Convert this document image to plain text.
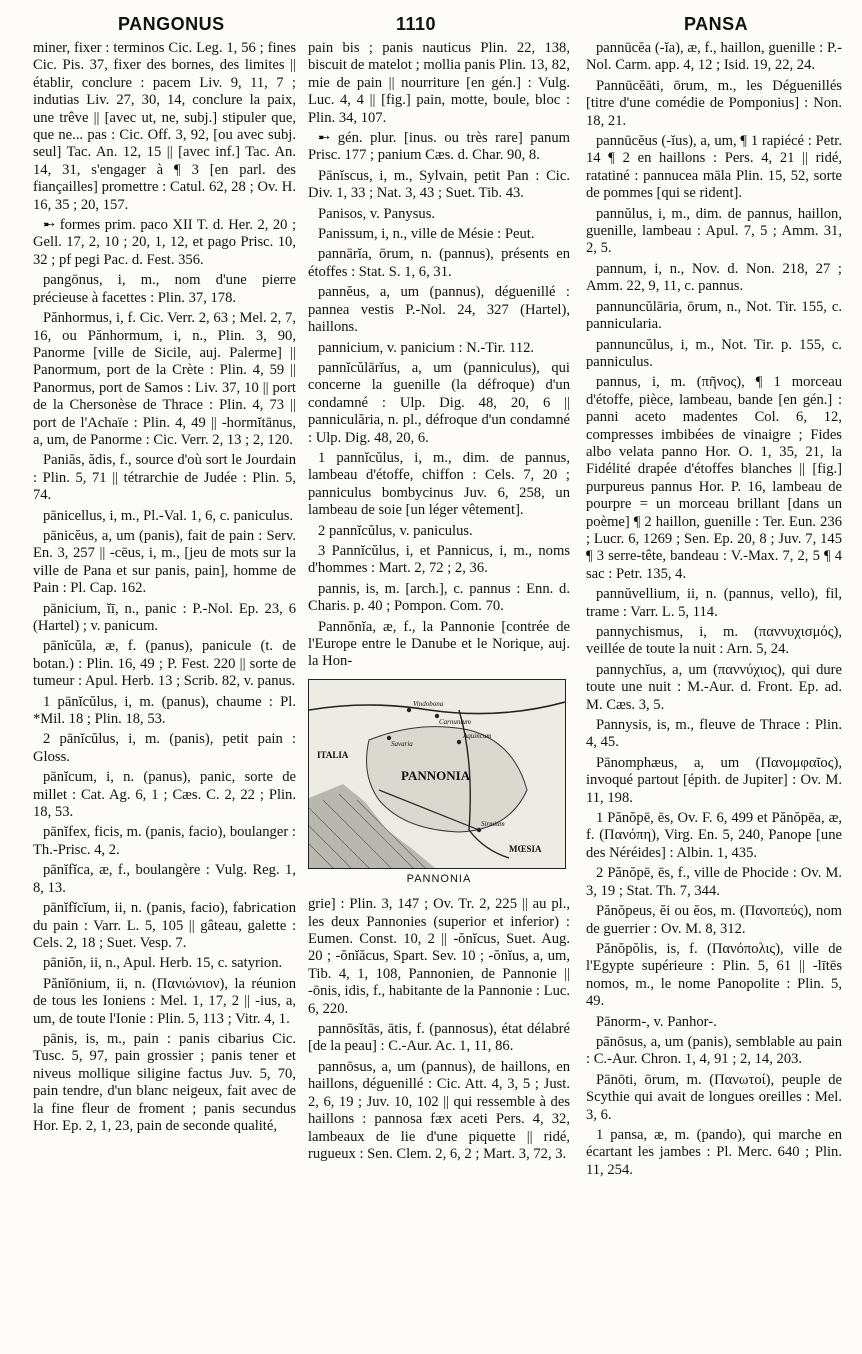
PANGONUS	1110	PANSA

miner, fixer : terminos Cic. Leg. 1, 56 ; fines Cic. Pis. 37, fixer des bornes, des limites || établir, conclure : pacem Liv. 9, 11, 7 ; indutias Liv. 27, 30, 14, conclure la paix, une trêve || [avec ut, ne, subj.] stipuler que, que ne... pas : Cic. Off. 3, 92, [ou avec subj. seul] Tac. An. 12, 15 || [avec inf.] Tac. An. 14, 31, s'engager à ¶ 3 [en parl. des fiançailles] promettre : Catul. 62, 28 ; Ov. H. 16, 35 ; 20, 157.

➸ formes prim. paco XII T. d. Her. 2, 20 ; Gell. 17, 2, 10 ; 20, 1, 12, et pago Prisc. 10, 32 ; pf pegi Pac. d. Fest. 356.

pangōnus, i, m., nom d'une pierre précieuse à facettes : Plin. 37, 178.

Pănhormus, i, f. Cic. Verr. 2, 63 ; Mel. 2, 7, 16, ou Pănhormum, i, n., Plin. 3, 90, Panorme [ville de Sicile, auj. Palerme] || Panormum, port de la Crète : Plin. 4, 59 || Panormus, port de Samos : Liv. 37, 10 || port de la Chersonèse de Thrace : Plin. 4, 73 || port de l'Achaïe : Plin. 4, 49 || -hormĭtānus, a, um, de Panorme : Cic. Verr. 2, 13 ; 2, 120.

Paniăs, ădis, f., source d'où sort le Jourdain : Plin. 5, 71 || tétrarchie de Judée : Plin. 5, 74.

pānicellus, i, m., Pl.-Val. 1, 6, c. paniculus.

pānicĕus, a, um (panis), fait de pain : Serv. En. 3, 257 || -cēus, i, m., [jeu de mots sur la ville de Pana et sur panis, pain], homme de Pain : Pl. Cap. 162.

pānicium, ĭī, n., panic : P.-Nol. Ep. 23, 6 (Hartel) ; v. panicum.

pānĭcŭla, æ, f. (panus), panicule (t. de botan.) : Plin. 16, 49 ; P. Fest. 220 || sorte de tumeur : Apul. Herb. 13 ; Scrib. 82, v. panus.

1 pānĭcŭlus, i, m. (panus), chaume : Pl. *Mil. 18 ; Plin. 18, 53.

2 pānĭcŭlus, i, m. (panis), petit pain : Gloss.

pānĭcum, i, n. (panus), panic, sorte de millet : Cat. Ag. 6, 1 ; Cæs. C. 2, 22 ; Plin. 18, 53.

pānĭfex, ficis, m. (panis, facio), boulanger : Th.-Prisc. 4, 2.

pānĭfĭca, æ, f., boulangère : Vulg. Reg. 1, 8, 13.

pānĭfĭcĭum, ii, n. (panis, facio), fabrication du pain : Varr. L. 5, 105 || gâteau, galette : Cels. 2, 18 ; Suet. Vesp. 7.

pāniŏn, ii, n., Apul. Herb. 15, c. satyrion.

Pănĭōnium, ii, n. (Πανιώνιον), la réunion de tous les Ioniens : Mel. 1, 17, 2 || -ius, a, um, de toute l'Ionie : Plin. 5, 113 ; Vitr. 4, 1.

pānis, is, m., pain : panis cibarius Cic. Tusc. 5, 97, pain grossier ; panis tener et niveus mollique siligine factus Juv. 5, 70, pain tendre, d'un blanc neigeux, fait avec de la fine fleur de froment ; panis secundus Hor. Ep. 2, 1, 23, pain de seconde qualité,

pain bis ; panis nauticus Plin. 22, 138, biscuit de matelot ; mollia panis Plin. 13, 82, mie de pain || nourriture [en gén.] : Vulg. Luc. 4, 4 || [fig.] pain, motte, boule, bloc : Plin. 34, 107.

➸ gén. plur. [inus. ou très rare] panum Prisc. 177 ; panium Cæs. d. Char. 90, 8.

Pānĭscus, i, m., Sylvain, petit Pan : Cic. Div. 1, 33 ; Nat. 3, 43 ; Suet. Tib. 43.

Panisos, v. Panysus.

Panissum, i, n., ville de Mésie : Peut.

pannārĭa, ōrum, n. (pannus), présents en étoffes : Stat. S. 1, 6, 31.

pannĕus, a, um (pannus), déguenillé : pannea vestis P.-Nol. 24, 327 (Hartel), haillons.

pannicium, v. panicium : N.-Tir. 112.

pannĭcŭlārĭus, a, um (panniculus), qui concerne la guenille (la défroque) d'un condamné : Ulp. Dig. 48, 20, 6 || panniculăria, n. pl., défroque d'un condamné : Ulp. Dig. 48, 20, 6.

1 pannĭcŭlus, i, m., dim. de pannus, lambeau d'étoffe, chiffon : Cels. 7, 20 ; panniculus bombycinus Juv. 6, 258, un lambeau de soie [un léger vêtement].

2 pannĭcŭlus, v. paniculus.

3 Pannĭcŭlus, i, et Pannicus, i, m., noms d'hommes : Mart. 2, 72 ; 2, 36.

pannis, is, m. [arch.], c. pannus : Enn. d. Charis. p. 40 ; Pompon. Com. 70.

Pannŏnĭa, æ, f., la Pannonie [contrée de l'Europe entre le Danube et le Norique, auj. la Hon-

PANNONIA
MŒSIA
Aquincum
Vindobona
Carnuntum
Savaria
Sirmium
ITALIA
PANNONIA

grie] : Plin. 3, 147 ; Ov. Tr. 2, 225 || au pl., les deux Pannonies (superior et inferior) : Eumen. Const. 10, 2 || -ŏnĭcus, Suet. Aug. 20 ; -ŏnĭăcus, Spart. Sev. 10 ; -ŏnĭus, a, um, Tib. 4, 1, 108, Pannonien, de Pannonie || -ōnis, idis, f., habitante de la Pannonie : Luc. 6, 220.

pannōsĭtās, ātis, f. (pannosus), état délabré [de la peau] : C.-Aur. Ac. 1, 11, 86.

pannōsus, a, um (pannus), de haillons, en haillons, déguenillé : Cic. Att. 4, 3, 5 ; Just. 2, 6, 19 ; Juv. 10, 102 || qui ressemble à des haillons : pannosa fæx aceti Pers. 4, 32, lambeaux de lie d'une piquette || ridé, rugueux : Sen. Clem. 2, 6, 2 ; Mart. 3, 72, 3.

pannūcĕa (-ĭa), æ, f., haillon, guenille : P.-Nol. Carm. app. 4, 12 ; Isid. 19, 22, 24.

Pannūcĕāti, ōrum, m., les Déguenillés [titre d'une comédie de Pomponius] : Non. 18, 21.

pannūcĕus (-ĭus), a, um, ¶ 1 rapiécé : Petr. 14 ¶ 2 en haillons : Pers. 4, 21 || ridé, ratatiné : pannucea māla Plin. 15, 52, sorte de pommes [qui se rident].

pannŭlus, i, m., dim. de pannus, haillon, guenille, lambeau : Apul. 7, 5 ; Amm. 31, 2, 5.

pannum, i, n., Nov. d. Non. 218, 27 ; Amm. 22, 9, 11, c. pannus.

pannuncŭlāria, ōrum, n., Not. Tir. 155, c. pannicularia.

pannuncŭlus, i, m., Not. Tir. p. 155, c. panniculus.

pannus, i, m. (πῆνος), ¶ 1 morceau d'étoffe, pièce, lambeau, bande [en gén.] : panni aceto madentes Col. 6, 12, compresses imbibées de vinaigre ; Fides albo velata panno Hor. O. 1, 35, 21, la Fidélité drapée d'étoffes blanches || [fig.] purpureus pannus Hor. P. 16, lambeau de pourpre = un morceau brillant [dans un poème] ¶ 2 haillon, guenille : Ter. Eun. 236 ; Lucr. 6, 1269 ; Sen. Ep. 20, 8 ; Juv. 7, 145 ¶ 3 serre-tête, bandeau : V.-Max. 7, 2, 5 ¶ 4 sac : Petr. 135, 4.

pannŭvellium, ii, n. (pannus, vello), fil, trame : Varr. L. 5, 114.

pannychismus, i, m. (παννυχισμός), veillée de toute la nuit : Arn. 5, 24.

pannychĭus, a, um (παννύχιος), qui dure toute une nuit : M.-Aur. d. Front. Ep. ad. M. Cæs. 3, 5.

Pannysis, is, m., fleuve de Thrace : Plin. 4, 45.

Pānomphæus, a, um (Πανομφαῖος), invoqué partout [épith. de Jupiter] : Ov. M. 11, 198.

1 Pănŏpē, ēs, Ov. F. 6, 499 et Pănŏpēa, æ, f. (Πανόπη), Virg. En. 5, 240, Panope [une des Néréides] : Albin. 1, 435.

2 Pănŏpē, ēs, f., ville de Phocide : Ov. M. 3, 19 ; Stat. Th. 7, 344.

Pănŏpeus, ĕi ou ĕos, m. (Πανοπεύς), nom de guerrier : Ov. M. 8, 312.

Pănŏpŏlis, is, f. (Πανόπολις), ville de l'Egypte supérieure : Plin. 5, 61 || -lītēs nomos, m., le nome Panopolite : Plin. 5, 49.

Pānorm-, v. Panhor-.

pānōsus, a, um (panis), semblable au pain : C.-Aur. Chron. 1, 4, 91 ; 2, 14, 203.

Pānōti, ōrum, m. (Πανωτοί), peuple de Scythie qui avait de longues oreilles : Mel. 3, 6.

1 pansa, æ, m. (pando), qui marche en écartant les jambes : Pl. Merc. 640 ; Plin. 11, 254.
